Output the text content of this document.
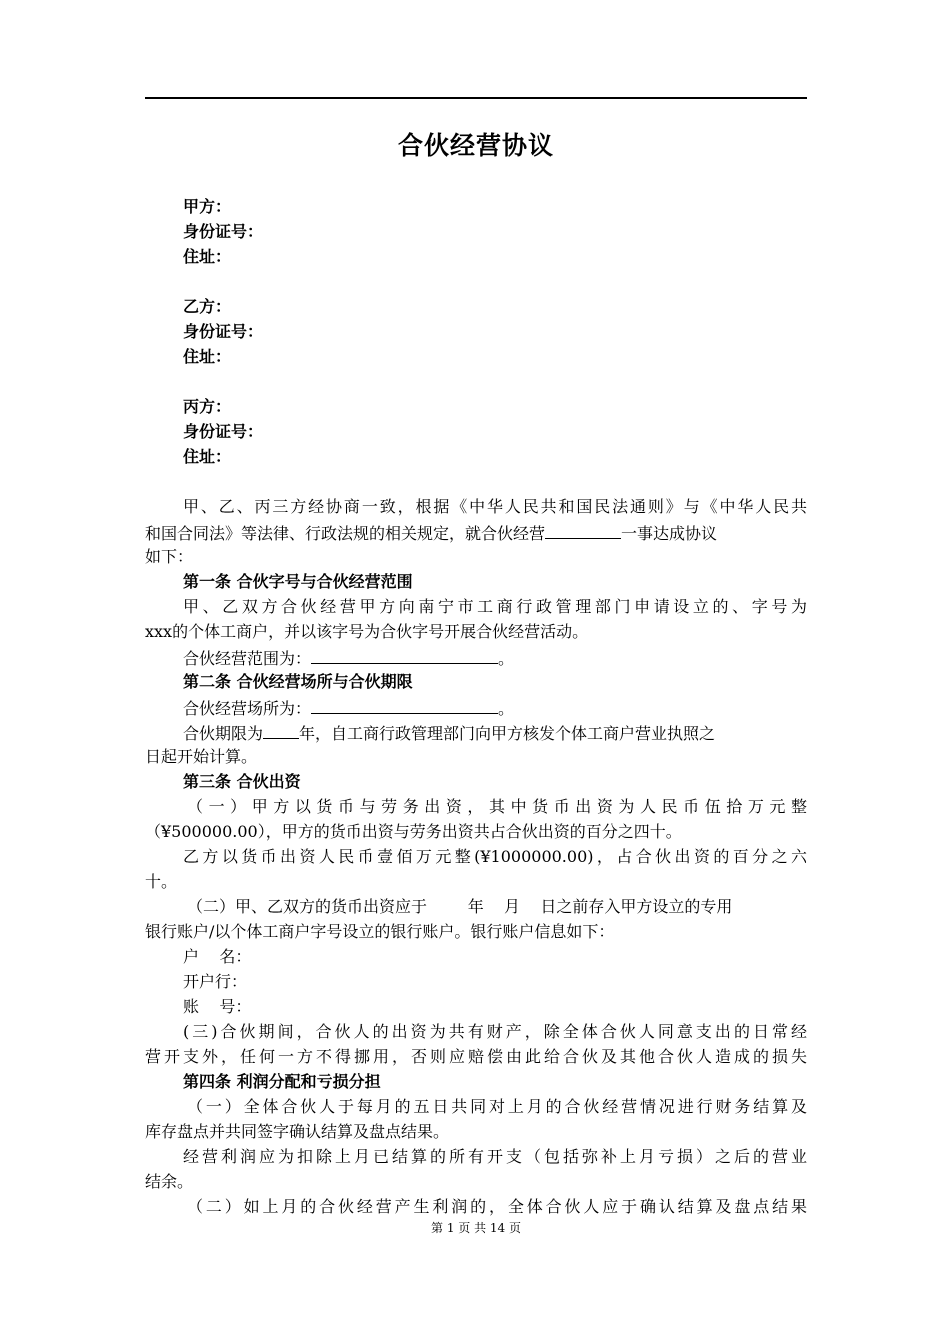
合伙经营协议
甲方：
身份证号：
住址：
乙方：
身份证号：
住址：
丙方：
身份证号：
住址：
甲、乙、丙三方经协商一致，根据《中华人民共和国民法通则》与《中华人民共
和国合同法》等法律、行政法规的相关规定，就合伙经营	一事达成协议
如下：
第一条 合伙字号与合伙经营范围
甲、乙双方合伙经营甲方向南宁市工商行政管理部门申请设立的、字号为
xxx的个体工商户，并以该字号为合伙字号开展合伙经营活动。
合伙经营范围为：	。
第二条 合伙经营场所与合伙期限
合伙经营场所为：	。
合伙期限为 年，自工商行政管理部门向甲方核发个体工商户营业执照之
日起开始计算。
第三条 合伙出资
（一）甲方以货币与劳务出资，其中货币出资为人民币伍拾万元整
（¥500000.00），甲方的货币出资与劳务出资共占合伙出资的百分之四十。
乙方以货币出资人民币壹佰万元整(¥1000000.00)，占合伙出资的百分之六
十。
（二）甲、乙双方的货币出资应于        年    月    日之前存入甲方设立的专用
银行账户/以个体工商户字号设立的银行账户。银行账户信息如下：
户    名：
开户行：
账    号：
(三)合伙期间，合伙人的出资为共有财产，除全体合伙人同意支出的日常经
营开支外，任何一方不得挪用，否则应赔偿由此给合伙及其他合伙人造成的损失
第四条 利润分配和亏损分担
（一）全体合伙人于每月的五日共同对上月的合伙经营情况进行财务结算及
库存盘点并共同签字确认结算及盘点结果。
经营利润应为扣除上月已结算的所有开支（包括弥补上月亏损）之后的营业
结余。
（二）如上月的合伙经营产生利润的，全体合伙人应于确认结算及盘点结果
第 1 页 共 14 页
